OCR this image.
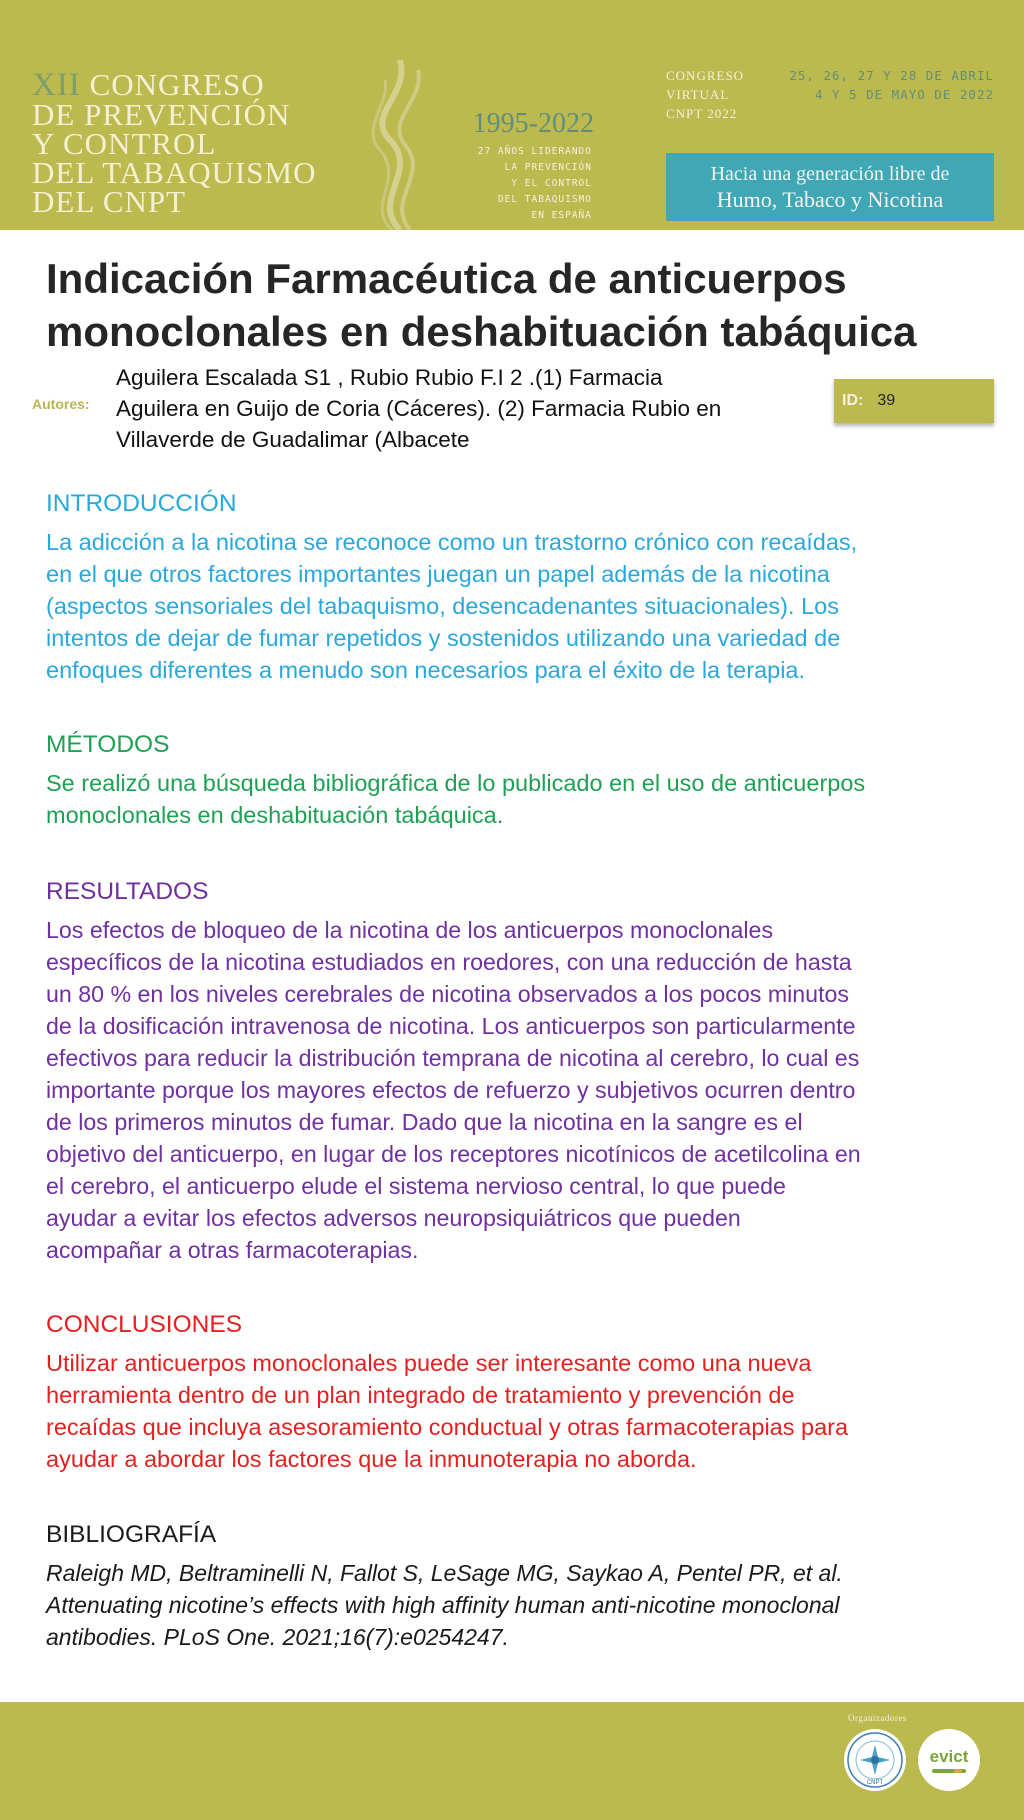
XII CONGRESO
DE PREVENCIÓN
Y CONTROL
DEL TABAQUISMO
DEL CNPT
1995-2022
27 AÑOS LIDERANDO
LA PREVENCIÓN
Y EL CONTROL
DEL TABAQUISMO
EN ESPAÑA
CONGRESO
VIRTUAL
CNPT 2022
25, 26, 27 Y 28 DE ABRIL
4 Y 5 DE MAYO DE 2022
Hacia una generación libre de
Humo, Tabaco y Nicotina
Indicación Farmacéutica de anticuerpos
monoclonales en deshabituación tabáquica
Autores:
Aguilera Escalada S1 , Rubio Rubio F.I 2 .(1) Farmacia
Aguilera en Guijo de Coria (Cáceres). (2) Farmacia Rubio en
Villaverde de Guadalimar (Albacete
ID: 39
INTRODUCCIÓN

La adicción a la nicotina se reconoce como un trastorno crónico con recaídas,
en el que otros factores importantes juegan un papel además de la nicotina
(aspectos sensoriales del tabaquismo, desencadenantes situacionales). Los
intentos de dejar de fumar repetidos y sostenidos utilizando una variedad de
enfoques diferentes a menudo son necesarios para el éxito de la terapia.

MÉTODOS

Se realizó una búsqueda bibliográfica de lo publicado en el uso de anticuerpos
monoclonales en deshabituación tabáquica.

RESULTADOS

Los efectos de bloqueo de la nicotina de los anticuerpos monoclonales
específicos de la nicotina estudiados en roedores, con una reducción de hasta
un 80 % en los niveles cerebrales de nicotina observados a los pocos minutos
de la dosificación intravenosa de nicotina. Los anticuerpos son particularmente
efectivos para reducir la distribución temprana de nicotina al cerebro, lo cual es
importante porque los mayores efectos de refuerzo y subjetivos ocurren dentro
de los primeros minutos de fumar. Dado que la nicotina en la sangre es el
objetivo del anticuerpo, en lugar de los receptores nicotínicos de acetilcolina en
el cerebro, el anticuerpo elude el sistema nervioso central, lo que puede
ayudar a evitar los efectos adversos neuropsiquiátricos que pueden
acompañar a otras farmacoterapias.

CONCLUSIONES

Utilizar anticuerpos monoclonales puede ser interesante como una nueva
herramienta dentro de un plan integrado de tratamiento y prevención de
recaídas que incluya asesoramiento conductual y otras farmacoterapias para
ayudar a abordar los factores que la inmunoterapia no aborda.

BIBLIOGRAFÍA

Raleigh MD, Beltraminelli N, Fallot S, LeSage MG, Saykao A, Pentel PR, et al.
Attenuating nicotine’s effects with high affinity human anti-nicotine monoclonal
antibodies. PLoS One. 2021;16(7):e0254247.

Organizadores
CNPT
evict
